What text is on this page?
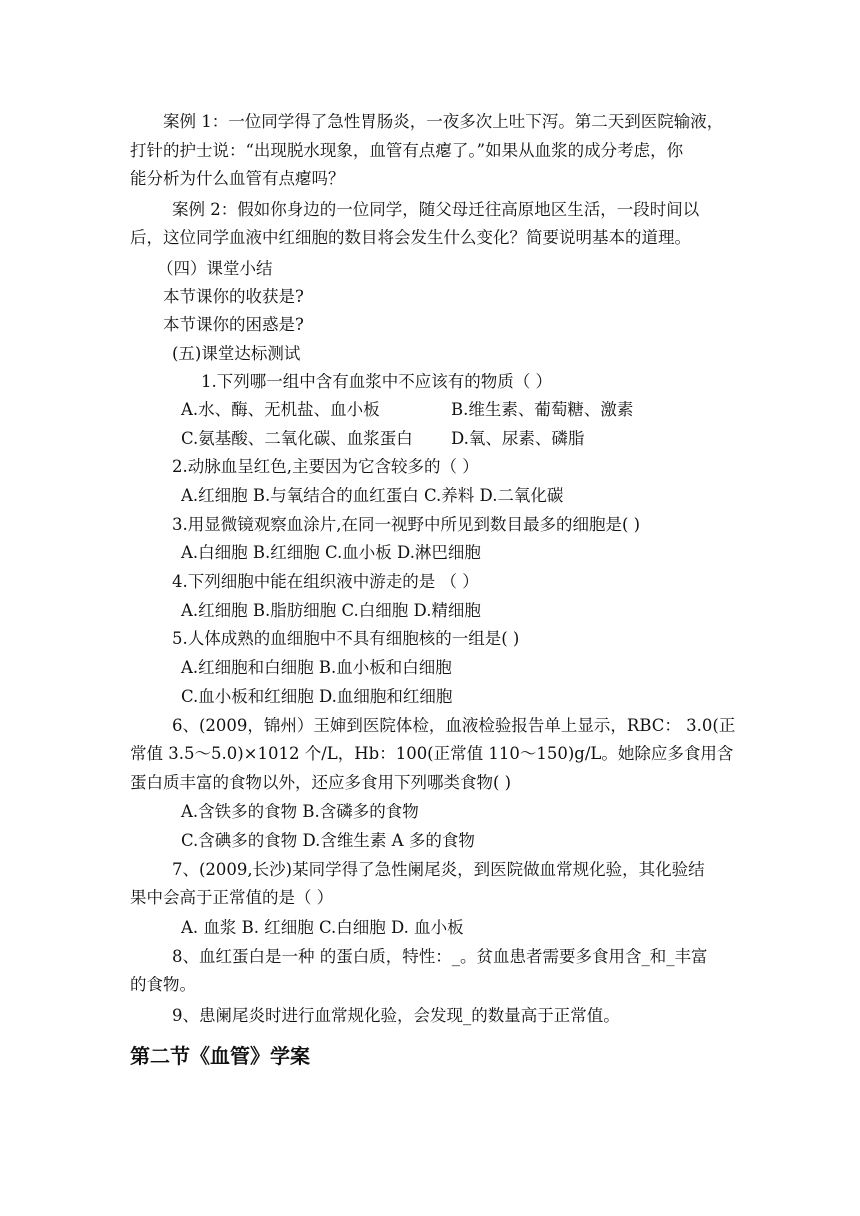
案例 1：一位同学得了急性胃肠炎，一夜多次上吐下泻。第二天到医院输液，

打针的护士说：“出现脱水现象，血管有点瘪了。”如果从血浆的成分考虑，你

能分析为什么血管有点瘪吗？

案例 2：假如你身边的一位同学，随父母迁往高原地区生活，一段时间以

后，这位同学血液中红细胞的数目将会发生什么变化？简要说明基本的道理。

（四）课堂小结

本节课你的收获是?

本节课你的困惑是?

(五)课堂达标测试

1.下列哪一组中含有血浆中不应该有的物质（ ）

A.水、酶、无机盐、血小板	B.维生素、葡萄糖、激素

C.氨基酸、二氧化碳、血浆蛋白 D.氧、尿素、磷脂

2.动脉血呈红色,主要因为它含较多的（ ）

A.红细胞 B.与氧结合的血红蛋白 C.养料 D.二氧化碳

3.用显微镜观察血涂片,在同一视野中所见到数目最多的细胞是( )

A.白细胞 B.红细胞 C.血小板 D.淋巴细胞

4.下列细胞中能在组织液中游走的是 （ ）

A.红细胞 B.脂肪细胞 C.白细胞 D.精细胞

5.人体成熟的血细胞中不具有细胞核的一组是( )

A.红细胞和白细胞 B.血小板和白细胞

C.血小板和红细胞 D.血细胞和红细胞

6、(2009，锦州）王婶到医院体检，血液检验报告单上显示，RBC： 3.0(正

常值 3.5～5.0)×1012 个/L，Hb：100(正常值 110～150)g/L。她除应多食用含

蛋白质丰富的食物以外，还应多食用下列哪类食物( )

A.含铁多的食物 B.含磷多的食物

C.含碘多的食物 D.含维生素 A 多的食物

7、(2009,长沙)某同学得了急性阑尾炎，到医院做血常规化验，其化验结

果中会高于正常值的是（ ）

A. 血浆 B. 红细胞 C.白细胞 D. 血小板

8、血红蛋白是一种 的蛋白质，特性：_。贫血患者需要多食用含_和_丰富

的食物。

9、患阑尾炎时进行血常规化验，会发现_的数量高于正常值。

第二节《血管》学案
